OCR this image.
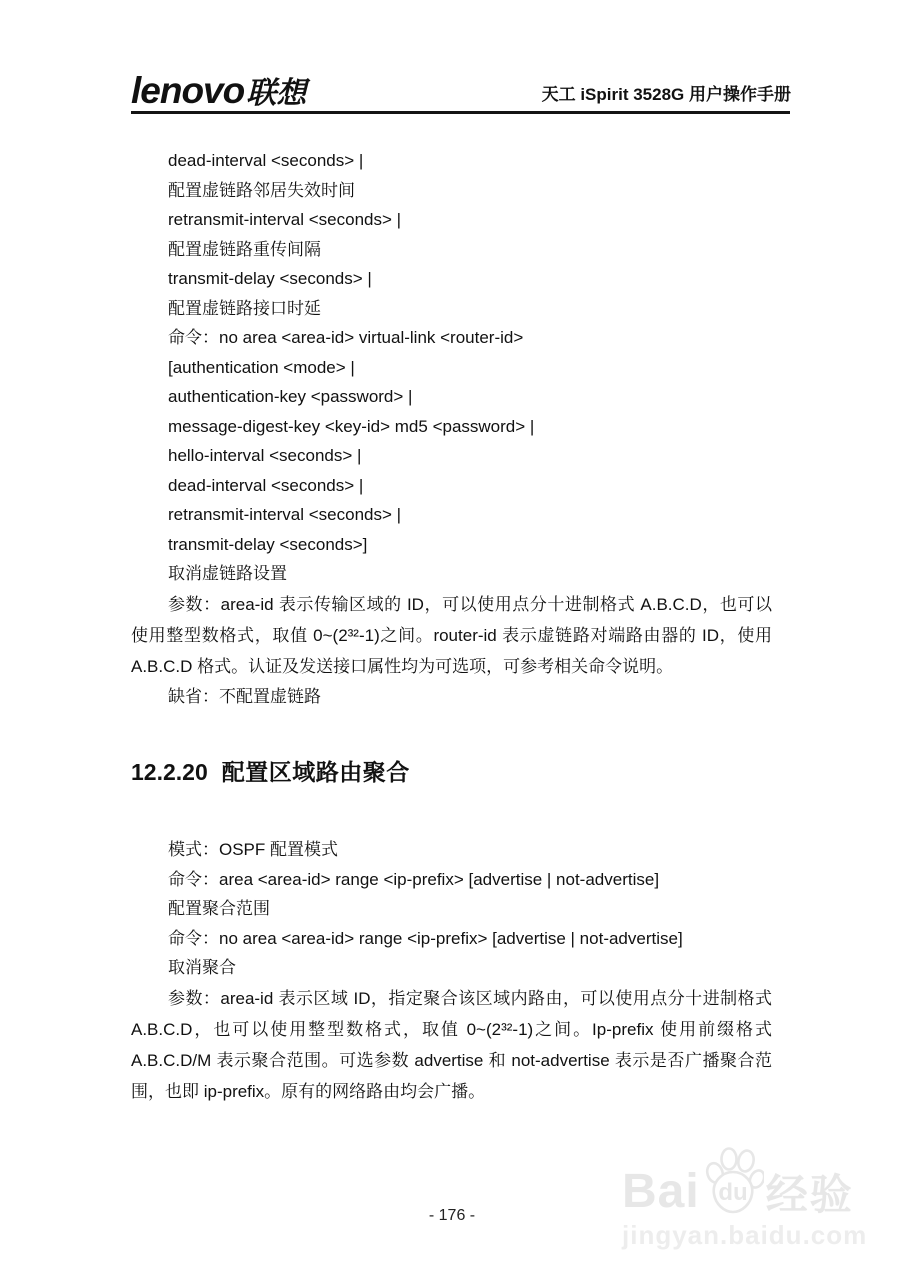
lenovo 联想	天工 iSpirit 3528G 用户操作手册
dead-interval <seconds> |
配置虚链路邻居失效时间
retransmit-interval <seconds> |
配置虚链路重传间隔
transmit-delay <seconds> |
配置虚链路接口时延
命令：no area <area-id> virtual-link <router-id>
[authentication <mode> |
authentication-key <password> |
message-digest-key <key-id> md5 <password> |
hello-interval <seconds> |
dead-interval <seconds> |
retransmit-interval <seconds> |
transmit-delay <seconds>]
取消虚链路设置
参数：area-id 表示传输区域的 ID，可以使用点分十进制格式 A.B.C.D，也可以使用整型数格式，取值 0~(2³²-1)之间。router-id 表示虚链路对端路由器的 ID，使用 A.B.C.D 格式。认证及发送接口属性均为可选项，可参考相关命令说明。
缺省：不配置虚链路
12.2.20 配置区域路由聚合
模式：OSPF 配置模式
命令：area <area-id> range <ip-prefix> [advertise | not-advertise]
配置聚合范围
命令：no area <area-id> range <ip-prefix> [advertise | not-advertise]
取消聚合
参数：area-id 表示区域 ID，指定聚合该区域内路由，可以使用点分十进制格式 A.B.C.D，也可以使用整型数格式，取值 0~(2³²-1)之间。Ip-prefix 使用前缀格式 A.B.C.D/M 表示聚合范围。可选参数 advertise 和 not-advertise 表示是否广播聚合范围，也即 ip-prefix。原有的网络路由均会广播。
- 176 -	Bai du 经验
jingyan.baidu.com
